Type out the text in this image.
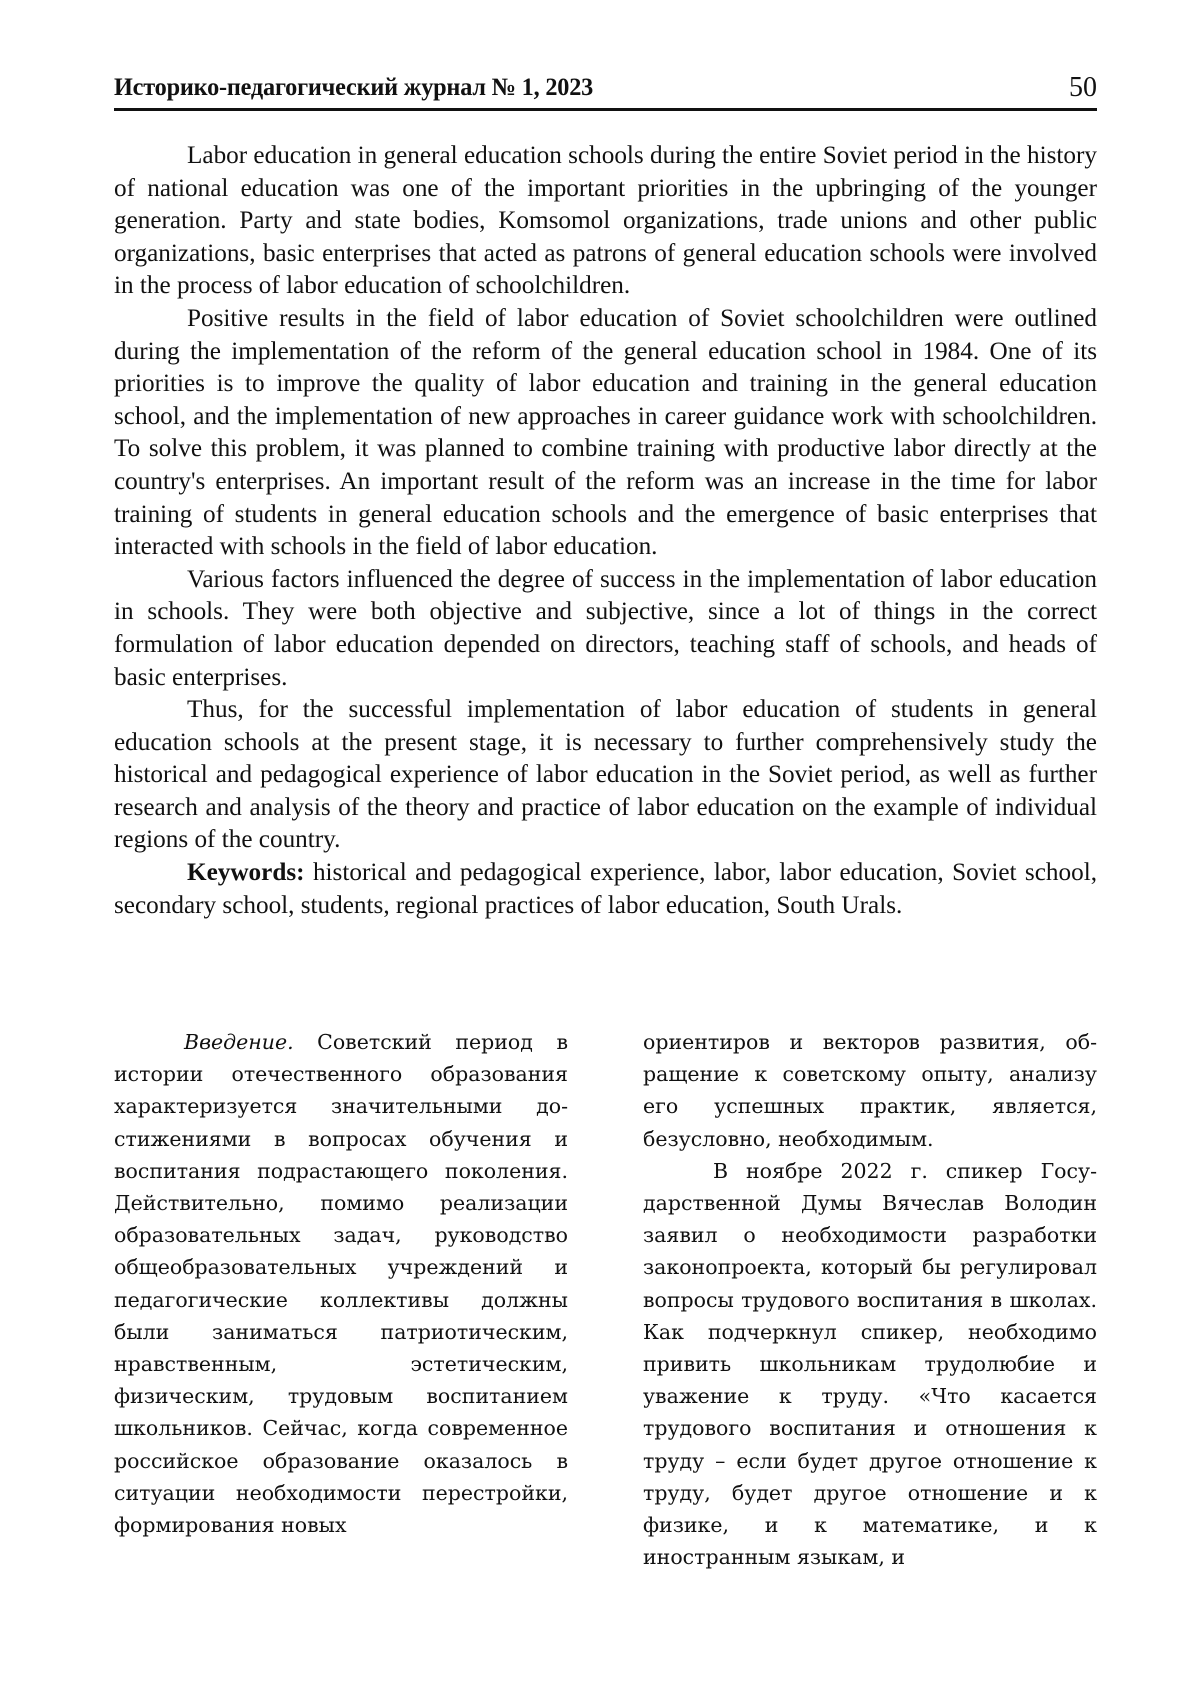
Историко-педагогический журнал № 1, 2023	50

Labor education in general education schools during the entire Soviet period in the history of national education was one of the important priorities in the upbringing of the younger generation. Party and state bodies, Komsomol organizations, trade unions and other public organizations, basic enterprises that acted as patrons of general education schools were involved in the process of labor education of schoolchildren.

Positive results in the field of labor education of Soviet schoolchildren were outlined during the implementation of the reform of the general education school in 1984. One of its priorities is to improve the quality of labor education and training in the general education school, and the implementation of new approaches in career guidance work with schoolchildren. To solve this problem, it was planned to combine training with productive labor directly at the country's enterprises. An important result of the reform was an increase in the time for labor training of students in general education schools and the emergence of basic enterprises that interacted with schools in the field of labor education.

Various factors influenced the degree of success in the implementation of labor education in schools. They were both objective and subjective, since a lot of things in the correct formulation of labor education depended on directors, teaching staff of schools, and heads of basic enterprises.

Thus, for the successful implementation of labor education of students in general education schools at the present stage, it is necessary to further comprehensively study the historical and pedagogical experience of labor education in the Soviet period, as well as further research and analysis of the theory and practice of labor education on the example of individual regions of the country.

Keywords: historical and pedagogical experience, labor, labor education, Soviet school, secondary school, students, regional practices of labor education, South Urals.

Введение. Советский период в истории отечественного образования характеризуется значительными достижениями в вопросах обучения и воспитания подрастающего поколения. Действительно, помимо реализации образовательных задач, руководство общеобразовательных учреждений и педагогические коллективы должны были заниматься патриотическим, нравственным, эстетическим, физическим, трудовым воспитанием школьников. Сейчас, когда современное российское образование оказалось в ситуации необходимости перестройки, формирования новых

ориентиров и векторов развития, обращение к советскому опыту, анализу его успешных практик, является, безусловно, необходимым.

В ноябре 2022 г. спикер Государственной Думы Вячеслав Володин заявил о необходимости разработки законопроекта, который бы регулировал вопросы трудового воспитания в школах. Как подчеркнул спикер, необходимо привить школьникам трудолюбие и уважение к труду. «Что касается трудового воспитания и отношения к труду – если будет другое отношение к труду, будет другое отношение и к физике, и к математике, и к иностранным языкам, и
